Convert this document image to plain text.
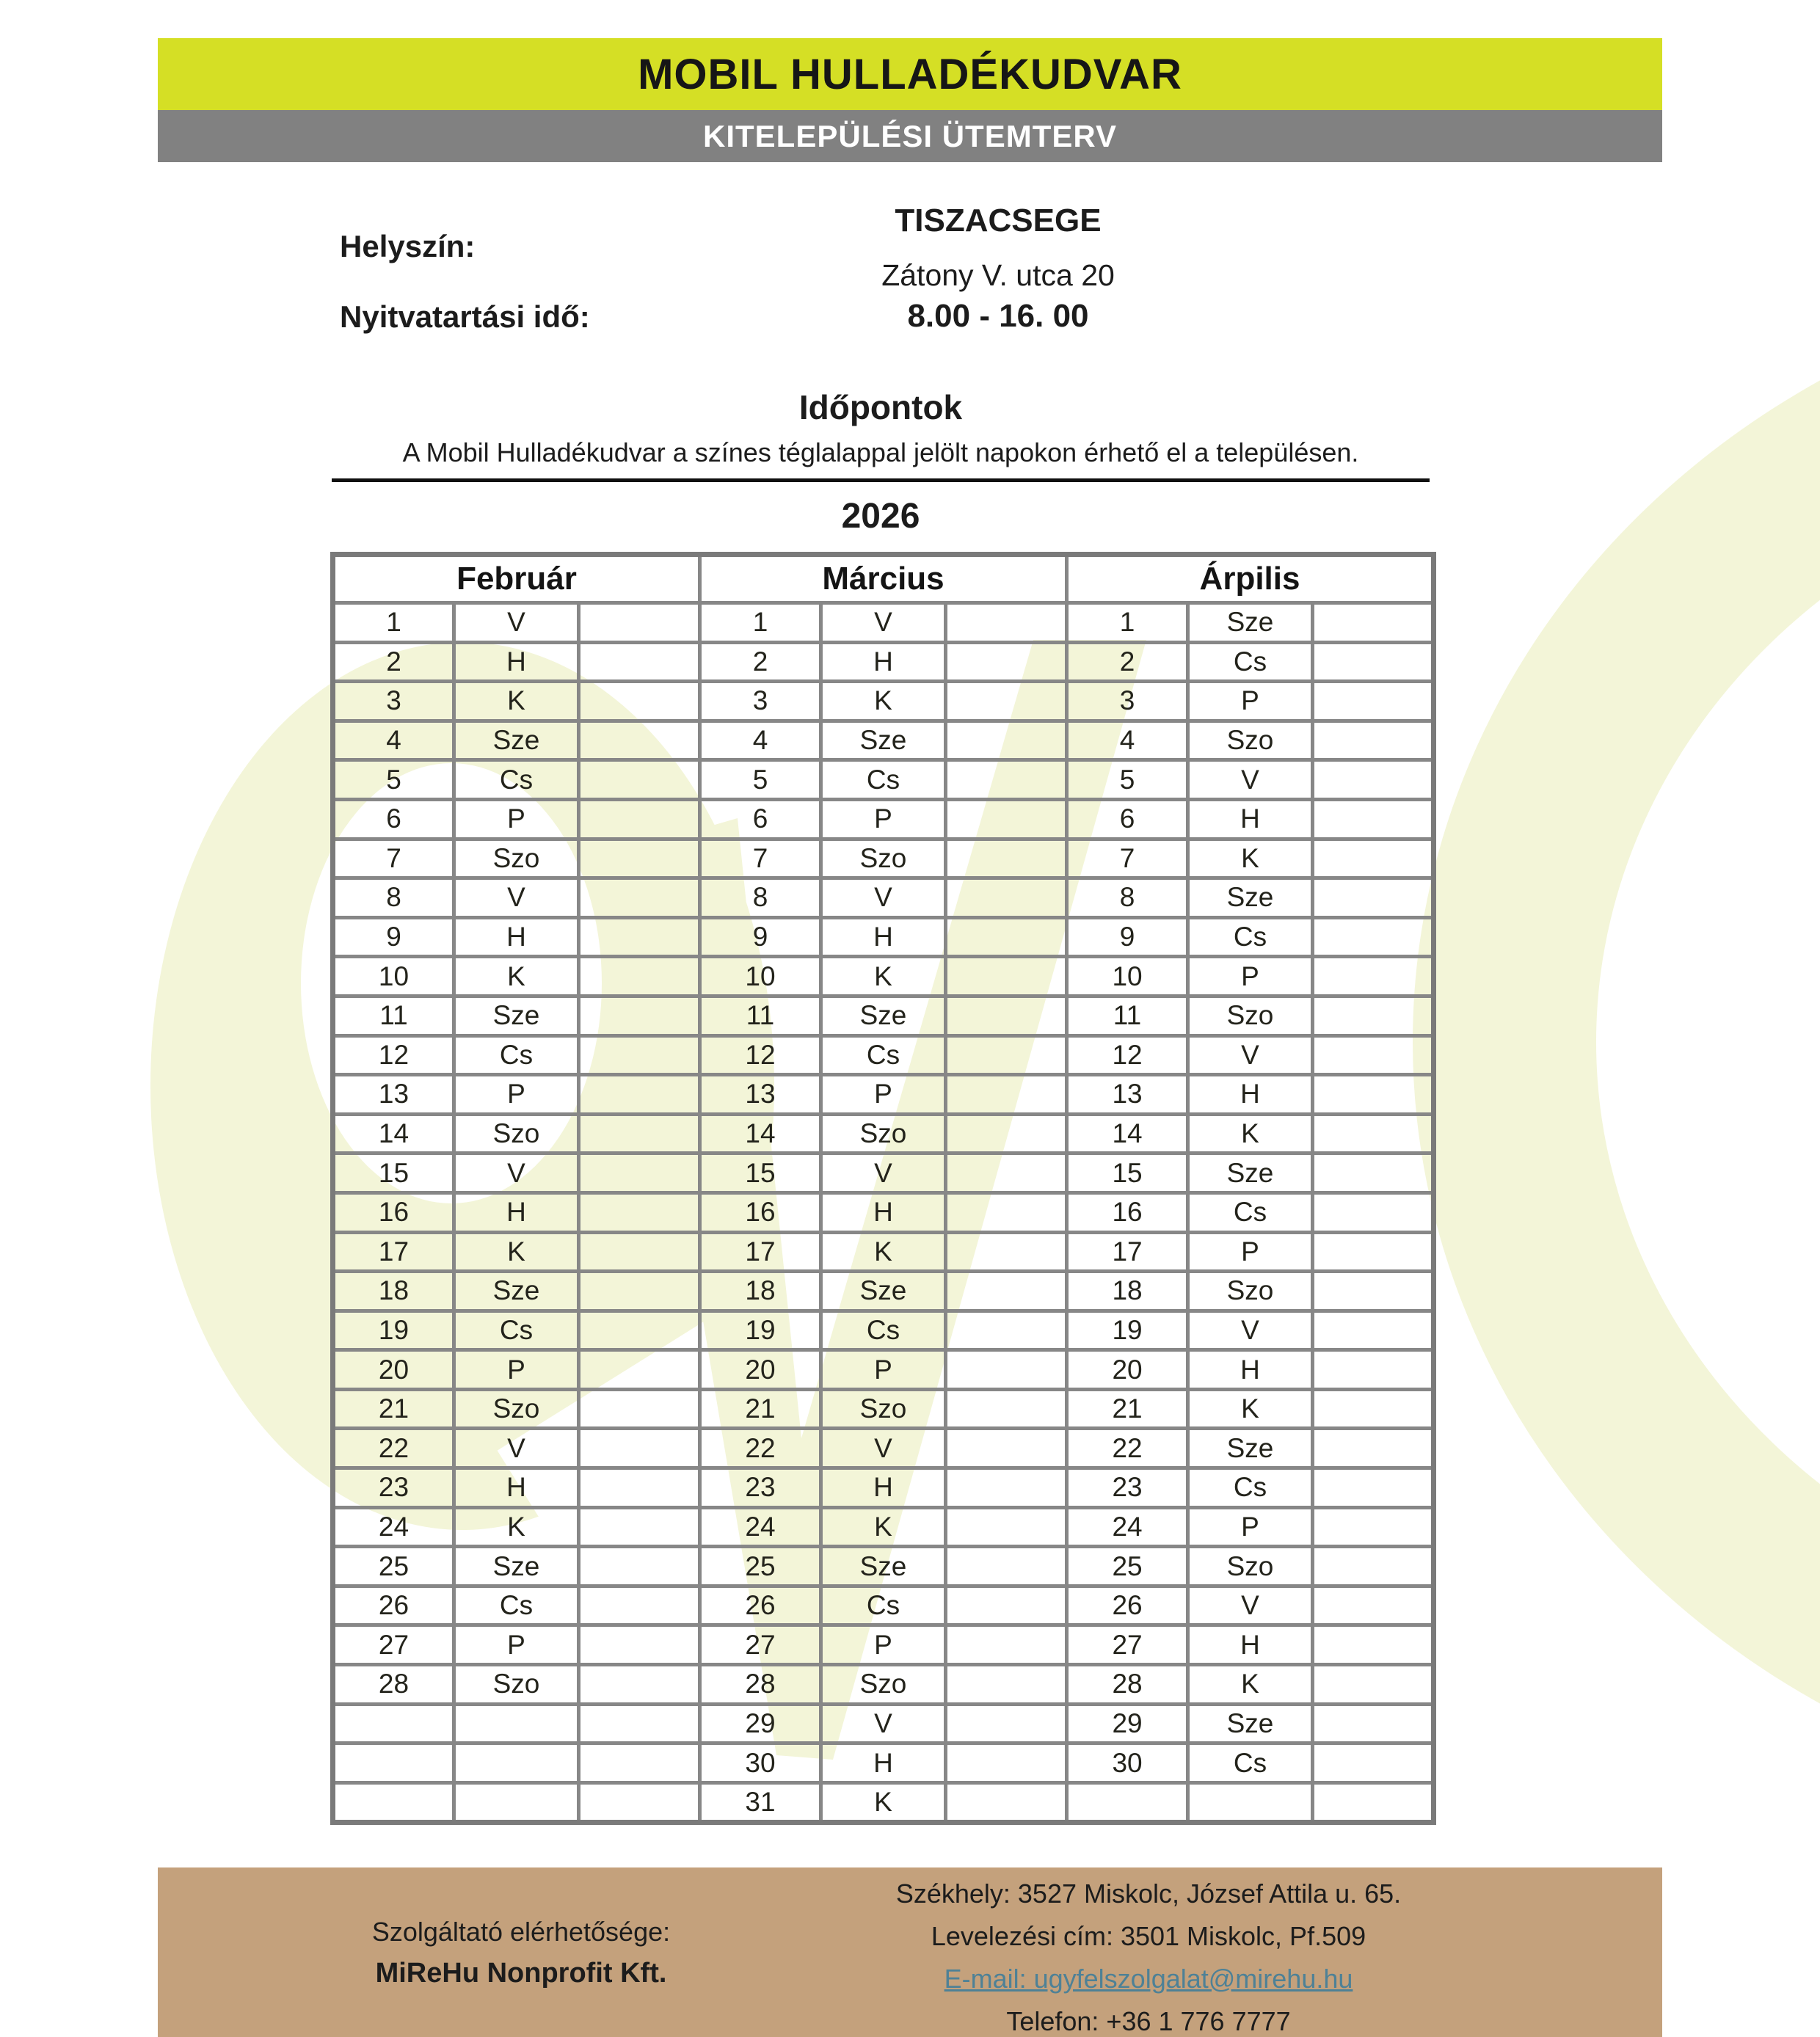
MOBIL HULLADÉKUDVAR
KITELEPÜLÉSI ÜTEMTERV
Helyszín:
Nyitvatartási idő:
TISZACSEGE
Zátony V. utca 20
8.00 - 16. 00
Időpontok
A Mobil Hulladékudvar a színes téglalappal jelölt napokon érhető el a településen.
2026
Február			Március			Árpilis		
1	V		1	V		1	Sze	
2	H		2	H		2	Cs	
3	K		3	K		3	P	
4	Sze		4	Sze		4	Szo	
5	Cs		5	Cs		5	V	
6	P		6	P		6	H	
7	Szo		7	Szo		7	K	
8	V		8	V		8	Sze	
9	H		9	H		9	Cs	
10	K		10	K		10	P	
11	Sze		11	Sze		11	Szo	
12	Cs		12	Cs		12	V	
13	P		13	P		13	H	
14	Szo		14	Szo		14	K	
15	V		15	V		15	Sze	
16	H		16	H		16	Cs	
17	K		17	K		17	P	
18	Sze		18	Sze		18	Szo	
19	Cs		19	Cs		19	V	
20	P		20	P		20	H	
21	Szo		21	Szo		21	K	
22	V		22	V		22	Sze	
23	H		23	H		23	Cs	
24	K		24	K		24	P	
25	Sze		25	Sze		25	Szo	
26	Cs		26	Cs		26	V	
27	P		27	P		27	H	
28	Szo		28	Szo		28	K	
			29	V		29	Sze	
			30	H		30	Cs	
			31	K				
Szolgáltató elérhetősége:
MiReHu Nonprofit Kft.
Székhely: 3527 Miskolc, József Attila u. 65.
Levelezési cím: 3501 Miskolc, Pf.509
E-mail: ugyfelszolgalat@mirehu.hu
Telefon: +36 1 776 7777
